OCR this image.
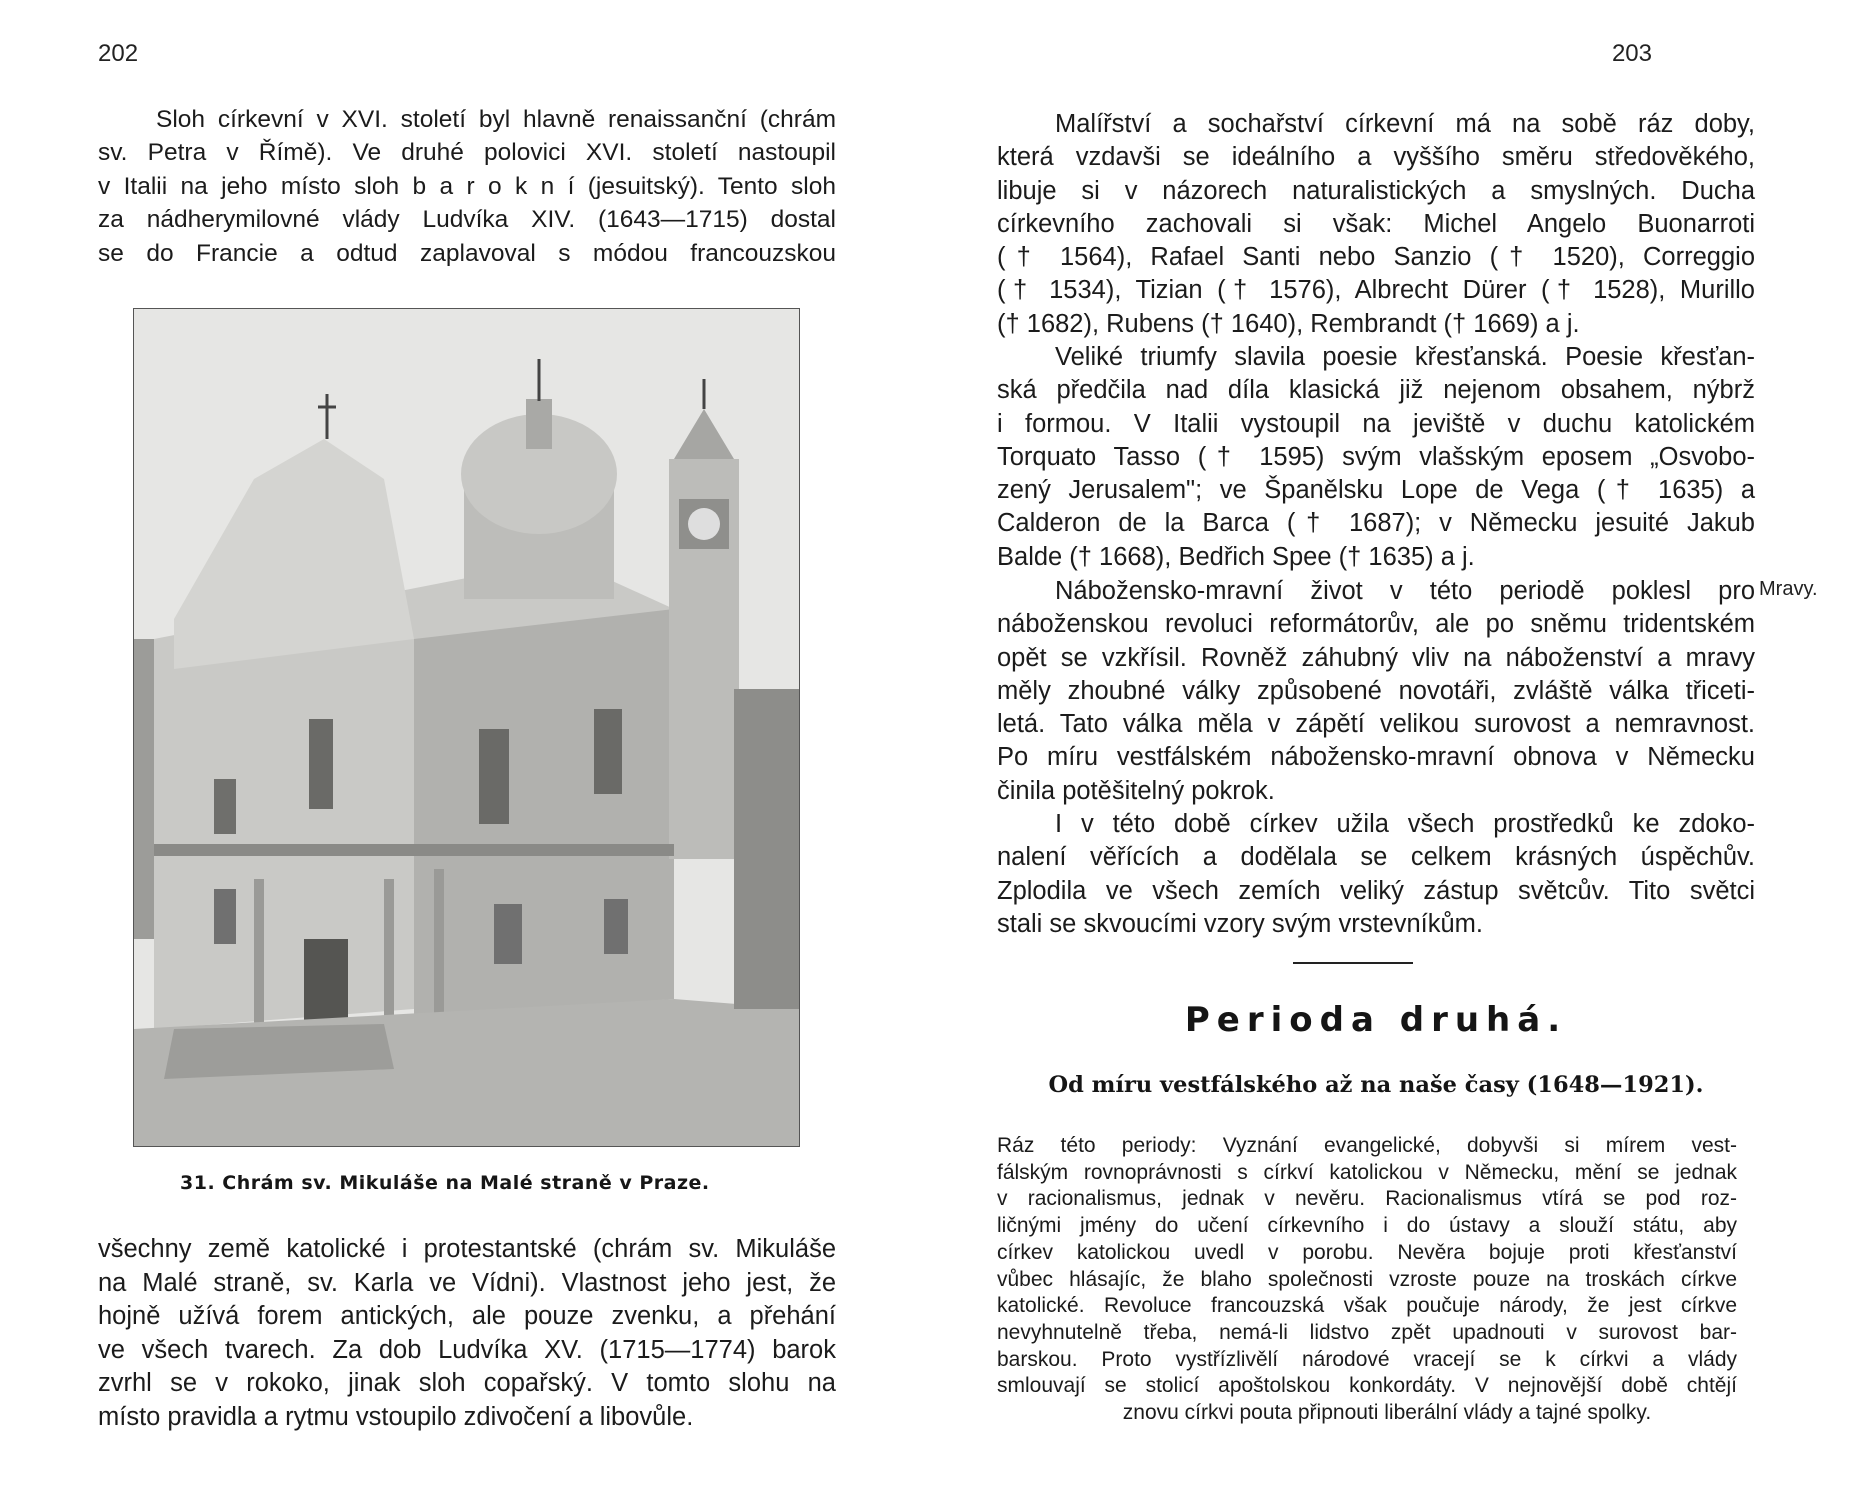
202
Sloh církevní v XVI. století byl hlavně renaissanční (chrám
sv. Petra v Římě). Ve druhé polovici XVI. století nastoupil
v Italii na jeho místo sloh b a r o k n í (jesuitský). Tento sloh
za nádherymilovné vlády Ludvíka XIV. (1643—1715) dostal
se do Francie a odtud zaplavoval s módou francouzskou
31. Chrám sv. Mikuláše na Malé straně v Praze.
všechny země katolické i protestantské (chrám sv. Mikuláše
na Malé straně, sv. Karla ve Vídni). Vlastnost jeho jest, že
hojně užívá forem antických, ale pouze zvenku, a přehání
ve všech tvarech. Za dob Ludvíka XV. (1715—1774) barok
zvrhl se v rokoko, jinak sloh copařský. V tomto slohu na
místo pravidla a rytmu vstoupilo zdivočení a libovůle.
203
Malířství a sochařství církevní má na sobě ráz doby,
která vzdavši se ideálního a vyššího směru středověkého,
libuje si v názorech naturalistických a smyslných. Ducha
církevního zachovali si však: Michel Angelo Buonarroti
(† 1564), Rafael Santi nebo Sanzio († 1520), Correggio
(† 1534), Tizian († 1576), Albrecht Dürer († 1528), Murillo
(† 1682), Rubens († 1640), Rembrandt († 1669) a j.
Veliké triumfy slavila poesie křesťanská. Poesie křesťan-
ská předčila nad díla klasická již nejenom obsahem, nýbrž
i formou. V Italii vystoupil na jeviště v duchu katolickém
Torquato Tasso († 1595) svým vlašským eposem „Osvobo-
zený Jerusalem"; ve Španělsku Lope de Vega († 1635) a
Calderon de la Barca († 1687); v Německu jesuité Jakub
Balde († 1668), Bedřich Spee († 1635) a j.
Mravy.
Nábožensko-mravní život v této periodě poklesl pro
náboženskou revoluci reformátorův, ale po sněmu tridentském
opět se vzkřísil. Rovněž záhubný vliv na náboženství a mravy
měly zhoubné války způsobené novotáři, zvláště válka třiceti-
letá. Tato válka měla v zápětí velikou surovost a nemravnost.
Po míru vestfálském nábožensko-mravní obnova v Německu
činila potěšitelný pokrok.
I v této době církev užila všech prostředků ke zdoko-
nalení věřících a dodělala se celkem krásných úspěchův.
Zplodila ve všech zemích veliký zástup světcův. Tito světci
stali se skvoucími vzory svým vrstevníkům.
Perioda druhá.
Od míru vestfálského až na naše časy (1648—1921).
Ráz této periody: Vyznání evangelické, dobyvši si mírem vest-
fálským rovnoprávnosti s církví katolickou v Německu, mění se jednak
v racionalismus, jednak v nevěru. Racionalismus vtírá se pod roz-
ličnými jmény do učení církevního i do ústavy a slouží státu, aby
církev katolickou uvedl v porobu. Nevěra bojuje proti křesťanství
vůbec hlásajíc, že blaho společnosti vzroste pouze na troskách církve
katolické. Revoluce francouzská však poučuje národy, že jest církve
nevyhnutelně třeba, nemá-li lidstvo zpět upadnouti v surovost bar-
barskou. Proto vystřízlivělí národové vracejí se k církvi a vlády
smlouvají se stolicí apoštolskou konkordáty. V nejnovější době chtějí
znovu církvi pouta připnouti liberální vlády a tajné spolky.
